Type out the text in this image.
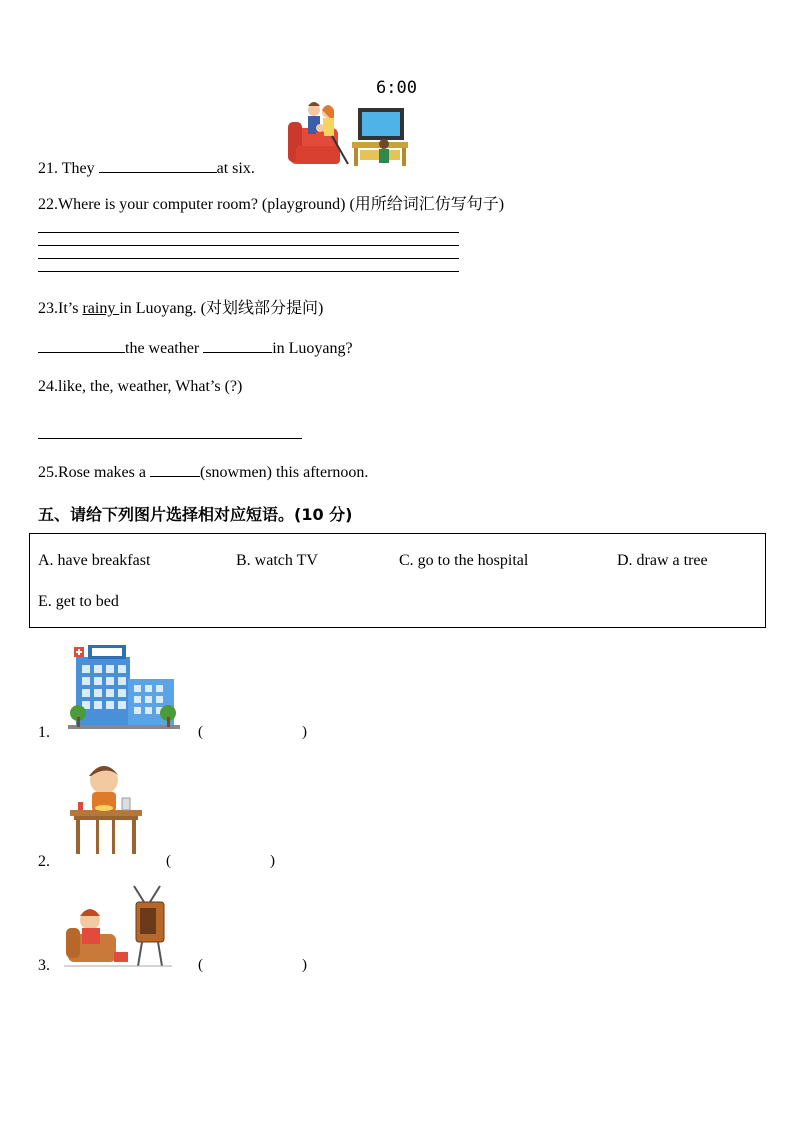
6:00
21. They	at six.
22.Where is your computer room? (playground) (用所给词汇仿写句子)
23.It’s rainy in Luoyang. (对划线部分提问)
the weather	in Luoyang?
24.like, the, weather, What’s (?)
25.Rose makes a	(snowmen) this afternoon.
五、请给下列图片选择相对应短语。(10 分)
A. have breakfast	B. watch TV	C. go to the hospital	D. draw a tree
E. get to bed
1.	(	)
2.	(	)
3.	(	)
